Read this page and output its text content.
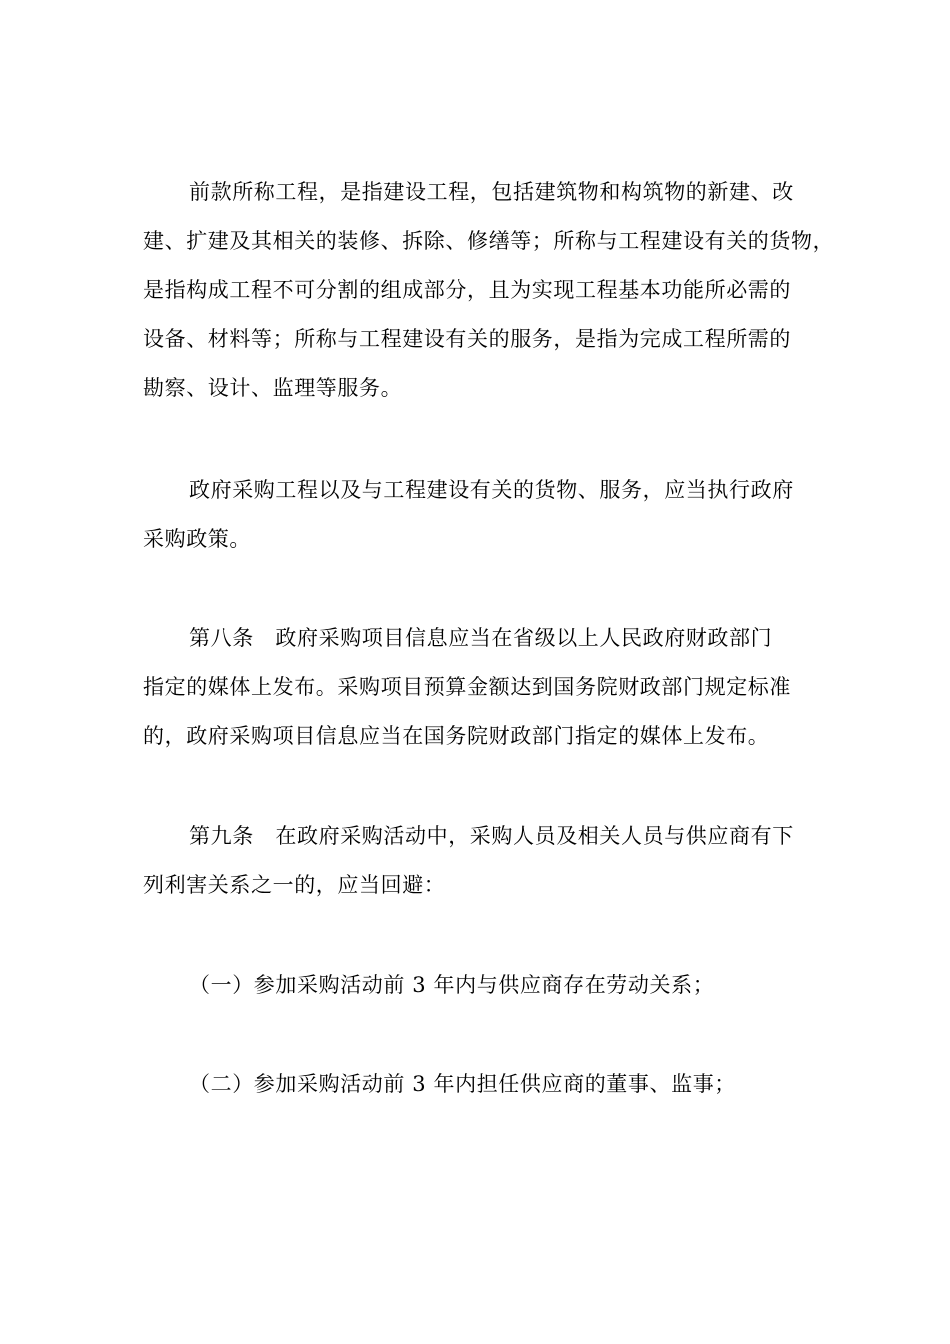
前款所称工程，是指建设工程，包括建筑物和构筑物的新建、改
建、扩建及其相关的装修、拆除、修缮等；所称与工程建设有关的货物，
是指构成工程不可分割的组成部分，且为实现工程基本功能所必需的
设备、材料等；所称与工程建设有关的服务，是指为完成工程所需的
勘察、设计、监理等服务。

政府采购工程以及与工程建设有关的货物、服务，应当执行政府
采购政策。

第八条　政府采购项目信息应当在省级以上人民政府财政部门
指定的媒体上发布。采购项目预算金额达到国务院财政部门规定标准
的，政府采购项目信息应当在国务院财政部门指定的媒体上发布。

第九条　在政府采购活动中，采购人员及相关人员与供应商有下
列利害关系之一的，应当回避：

（一）参加采购活动前 3 年内与供应商存在劳动关系；

（二）参加采购活动前 3 年内担任供应商的董事、监事；
